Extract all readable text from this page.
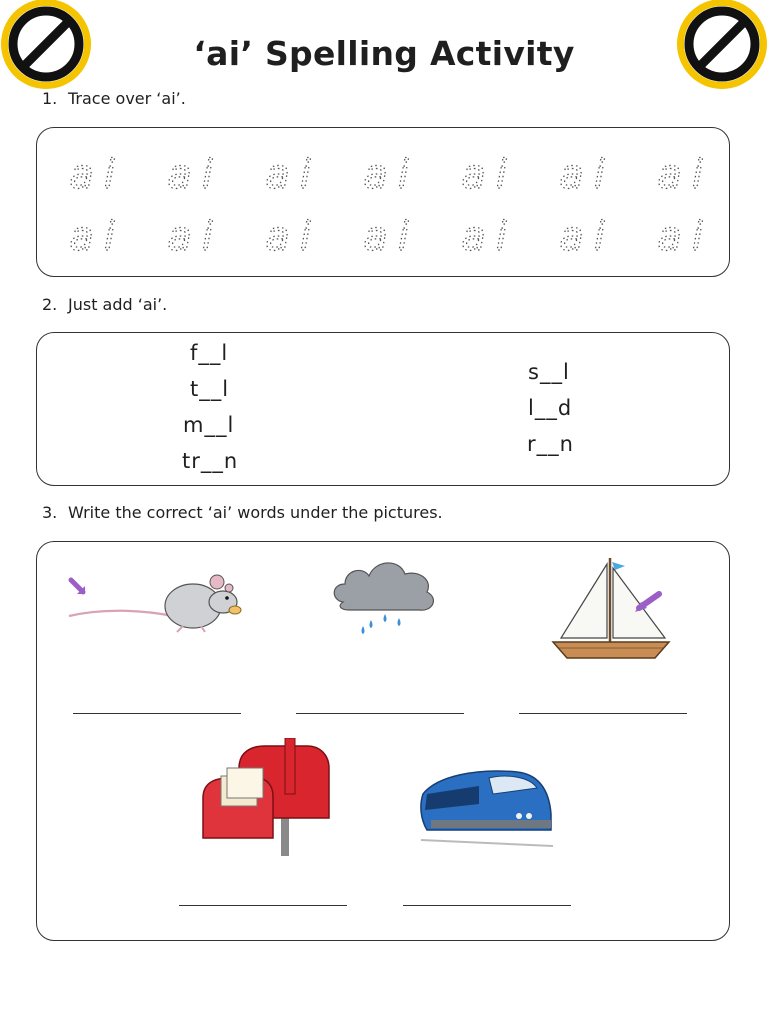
‘ai’ Spelling Activity
1. Trace over ‘ai’.
ai ai ai ai ai ai ai
ai ai ai ai ai ai ai
2. Just add ‘ai’.
f__l
t__l
m__l
tr__n
s__l
l__d
r__n
3. Write the correct ‘ai’ words under the pictures.
